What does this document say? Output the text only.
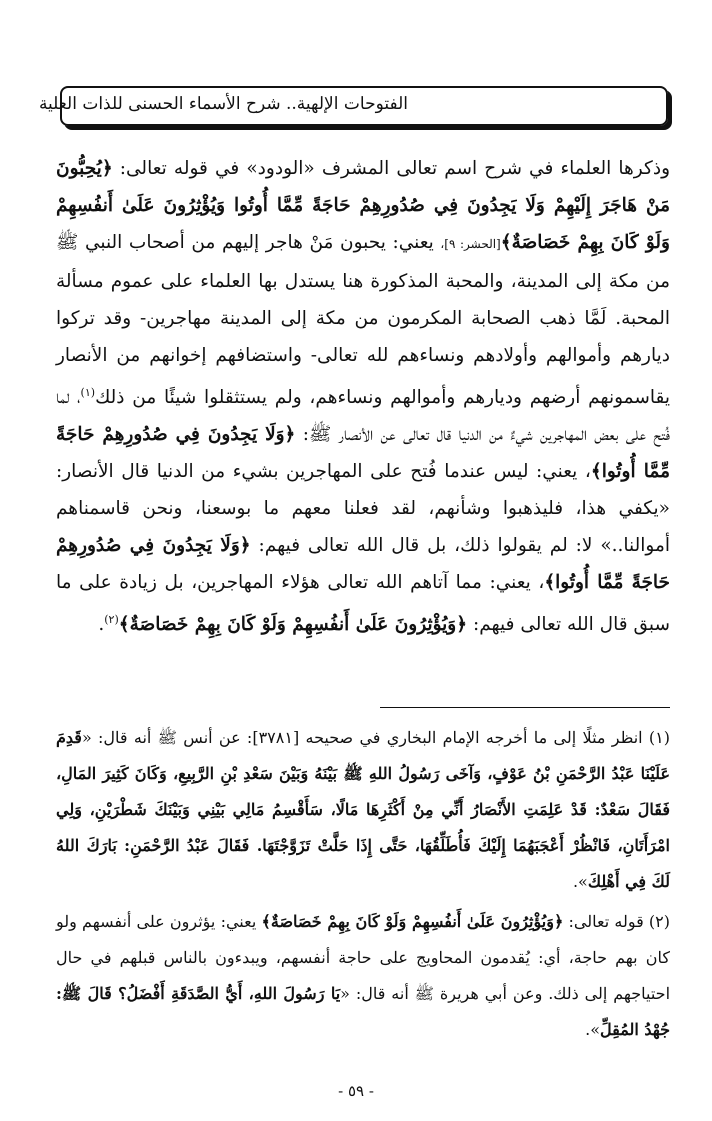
الفتوحات الإلهية.. شرح الأسماء الحسنى للذات العلية

وذكرها العلماء في شرح اسم تعالى المشرف «الودود» في قوله تعالى: ﴿يُحِبُّونَ مَنْ هَاجَرَ إِلَيْهِمْ وَلَا يَجِدُونَ فِي صُدُورِهِمْ حَاجَةً مِّمَّا أُوتُوا وَيُؤْثِرُونَ عَلَىٰ أَنفُسِهِمْ وَلَوْ كَانَ بِهِمْ خَصَاصَةٌ﴾[الحشر: ٩]، يعني: يحبون مَنْ هاجر إليهم من أصحاب النبي ﷺ من مكة إلى المدينة، والمحبة المذكورة هنا يستدل بها العلماء على عموم مسألة المحبة. لَمَّا ذهب الصحابة المكرمون من مكة إلى المدينة مهاجرين- وقد تركوا ديارهم وأموالهم وأولادهم ونساءهم لله تعالى- واستضافهم إخوانهم من الأنصار يقاسمونهم أرضهم وديارهم وأموالهم ونساءهم، ولم يستثقلوا شيئًا من ذلك$^{(١)}$، لما فُتح على بعض المهاجرين شيءٌ من الدنيا قال تعالى عن الأنصار ﷺ: ﴿وَلَا يَجِدُونَ فِي صُدُورِهِمْ حَاجَةً مِّمَّا أُوتُوا﴾، يعني: ليس عندما فُتح على المهاجرين بشيء من الدنيا قال الأنصار: «يكفي هذا، فليذهبوا وشأنهم، لقد فعلنا معهم ما بوسعنا، ونحن قاسمناهم أموالنا..» لا: لم يقولوا ذلك، بل قال الله تعالى فيهم: ﴿وَلَا يَجِدُونَ فِي صُدُورِهِمْ حَاجَةً مِّمَّا أُوتُوا﴾، يعني: مما آتاهم الله تعالى هؤلاء المهاجرين، بل زيادة على ما سبق قال الله تعالى فيهم: ﴿وَيُؤْثِرُونَ عَلَىٰ أَنفُسِهِمْ وَلَوْ كَانَ بِهِمْ خَصَاصَةٌ﴾$^{(٢)}$.

(١) انظر مثلًا إلى ما أخرجه الإمام البخاري في صحيحه [٣٧٨١]: عن أنس ﷺ أنه قال: «قَدِمَ عَلَيْنَا عَبْدُ الرَّحْمَنِ بْنُ عَوْفٍ، وَآخَى رَسُولُ اللهِ ﷺ بَيْنَهُ وَبَيْنَ سَعْدِ بْنِ الرَّبِيعِ، وَكَانَ كَثِيرَ المَالِ، فَقَالَ سَعْدٌ: قَدْ عَلِمَتِ الأَنْصَارُ أَنِّي مِنْ أَكْثَرِهَا مَالًا، سَأَقْسِمُ مَالِي بَيْنِي وَبَيْنَكَ شَطْرَيْنِ، وَلِي امْرَأَتَانِ، فَانْظُرْ أَعْجَبَهُمَا إِلَيْكَ فَأُطَلِّقُهَا، حَتَّى إِذَا حَلَّتْ تَزَوَّجْتَهَا. فَقَالَ عَبْدُ الرَّحْمَنِ: بَارَكَ اللهُ لَكَ فِي أَهْلِكَ».

(٢) قوله تعالى: ﴿وَيُؤْثِرُونَ عَلَىٰ أَنفُسِهِمْ وَلَوْ كَانَ بِهِمْ خَصَاصَةٌ﴾ يعني: يؤثرون على أنفسهم ولو كان بهم حاجة، أي: يُقدمون المحاويج على حاجة أنفسهم، ويبدءون بالناس قبلهم في حال احتياجهم إلى ذلك. وعن أبي هريرة ﷺ أنه قال: «يَا رَسُولَ اللهِ، أَيُّ الصَّدَقَةِ أَفْضَلُ؟ قَالَ ﷺ: جُهْدُ المُقِلِّ».

- ٥٩ -
